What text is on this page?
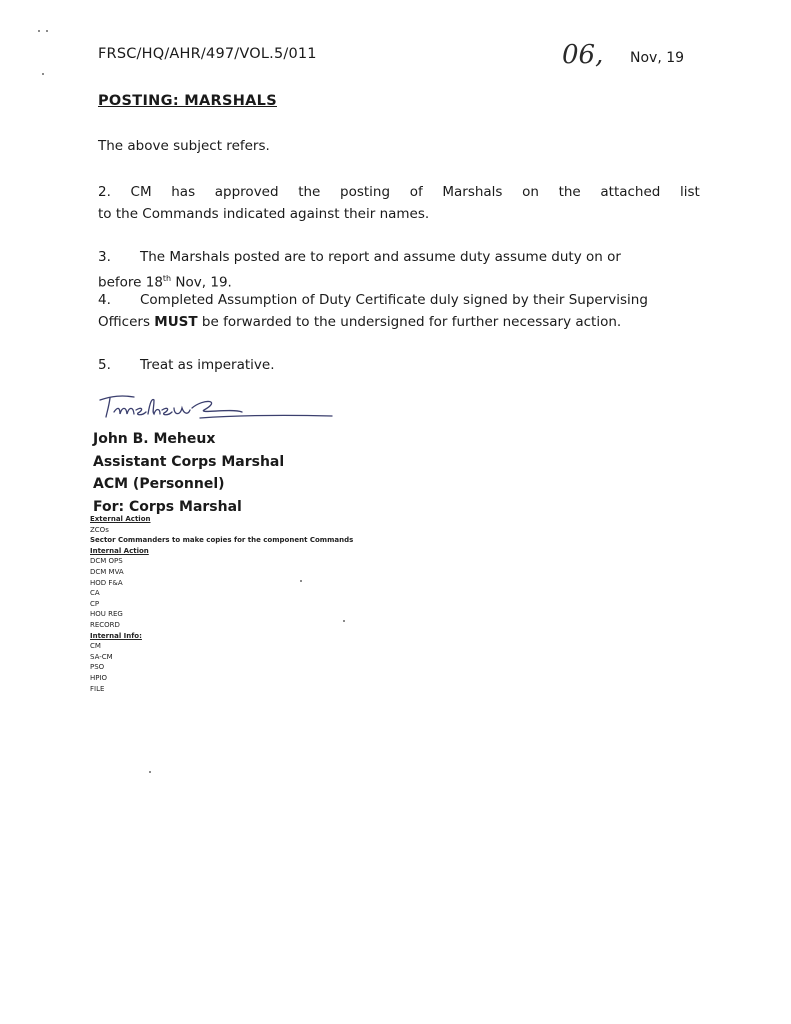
FRSC/HQ/AHR/497/VOL.5/011	06, Nov, 19
POSTING: MARSHALS
The above subject refers.
2. CM has approved the posting of Marshals on the attached list
to the Commands indicated against their names.
3. The Marshals posted are to report and assume duty assume duty on or
before 18th Nov, 19.
4. Completed Assumption of Duty Certificate duly signed by their Supervising
Officers MUST be forwarded to the undersigned for further necessary action.
5. Treat as imperative.
John B. Meheux
Assistant Corps Marshal
ACM (Personnel)
For: Corps Marshal
External Action
ZCOs
Sector Commanders to make copies for the component Commands
Internal Action
DCM OPS
DCM MVA
HOD F&A
CA
CP
HOU REG
RECORD
Internal Info:
CM
SA-CM
PSO
HPIO
FILE
